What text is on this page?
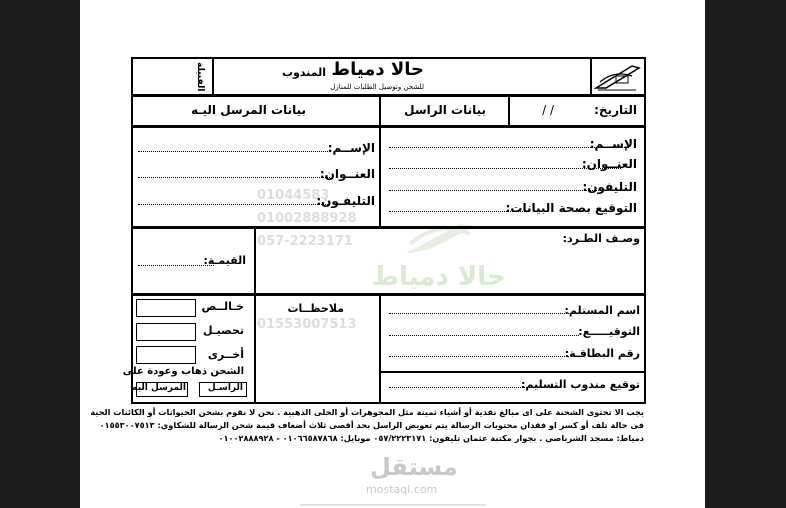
01044583
01002888928
057-2223171
01553007513
حالا دمياط
حالا دمياط
للشحن وتوصيل الطلبات للمنازل
المندوب
الفنيلة
التاريخ:
/ /
بيانات الراسل
بيانات المرسل اليـه
الإســم:
العنــوان:
التليفون:
التوقيع بصحة البيانات:
الإســم:
العنــوان:
التليفـون:
وصـف الطـرد:
القيمـة:
اسم المستلم:
التوقيـــــع:
رقم البطاقـة:
توقيع مندوب التسليم:
ملاحظــات
خـالــص
تحصيـل
أخــرى
الشحن ذهاب وعودة على
الراسـل
المرسل اليه
يجب الا تحتوى الشحنة على اى مبالغ نقدية أو أشياء ثمينة مثل المجوهرات أو الحلى الذهبية . نحن لا نقوم بشحن الحيوانات أو الكائنات الحية
فى حالة تلف أو كسر او فقدان محتويات الرسالة يتم تعويض الراسل بحد أقصى ثلاث أضعاف قيمة شحن الرسالة للشكاوي: ٠١٥٥٣٠٠٧٥١٣
دمياط: مسجد الشرباصي . بجوار مكتبة عثمان تليفون: ٠٥٧/٢٢٢٣١٧١ موبايل: ٠١٠٦٦٥٨٧٨٦٨ - ٠١٠٠٢٨٨٨٩٢٨
مستقل
mostaql.com
